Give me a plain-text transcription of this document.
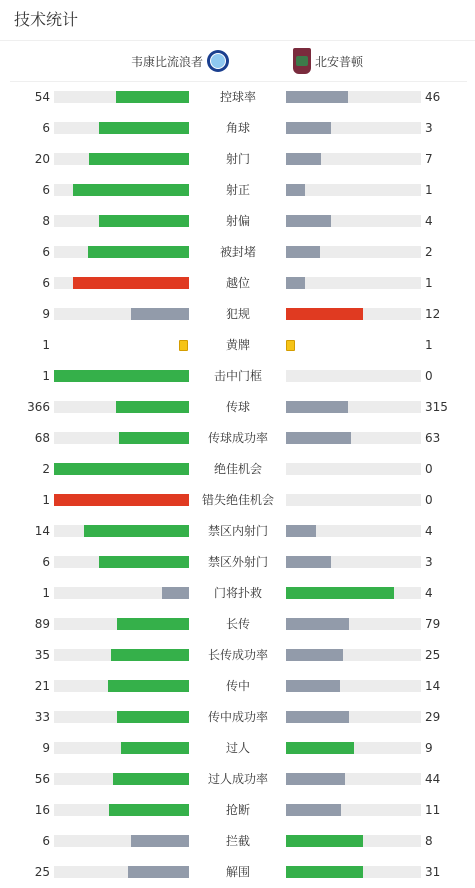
技术统计
韦康比流浪者	北安普顿
54	控球率	46
6	角球	3
20	射门	7
6	射正	1
8	射偏	4
6	被封堵	2
6	越位	1
9	犯规	12
1	黄牌	1
1	击中门框	0
366	传球	315
68	传球成功率	63
2	绝佳机会	0
1	错失绝佳机会	0
14	禁区内射门	4
6	禁区外射门	3
1	门将扑救	4
89	长传	79
35	长传成功率	25
21	传中	14
33	传中成功率	29
9	过人	9
56	过人成功率	44
16	抢断	11
6	拦截	8
25	解围	31
